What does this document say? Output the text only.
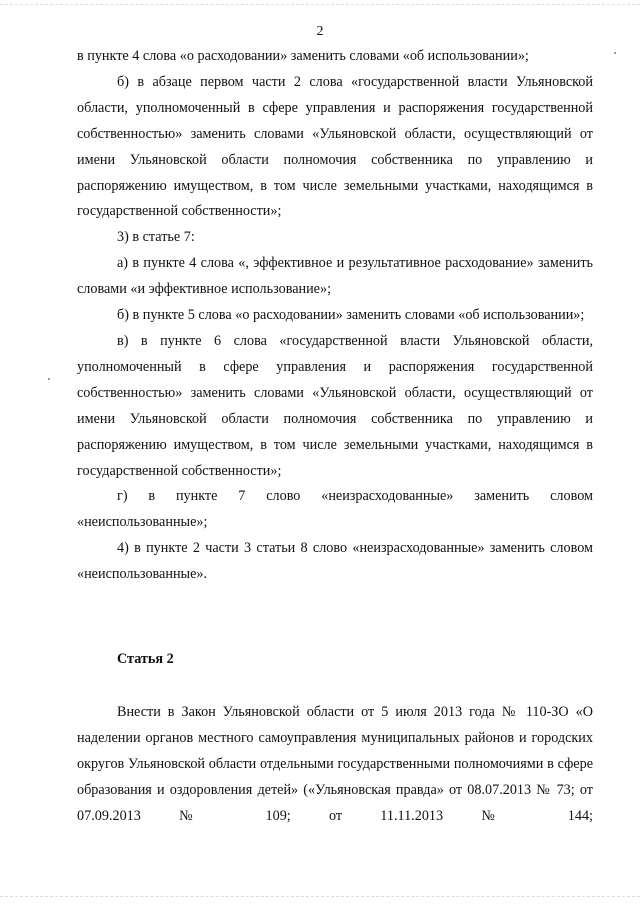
2

в пункте 4 слова «о расходовании» заменить словами «об использовании»;

б) в абзаце первом части 2 слова «государственной власти Ульяновской области, уполномоченный в сфере управления и распоряжения государственной собственностью» заменить словами «Ульяновской области, осуществляющий от имени Ульяновской области полномочия собственника по управлению и распоряжению имуществом, в том числе земельными участками, находящимся в государственной собственности»;

3) в статье 7:

а) в пункте 4 слова «, эффективное и результативное расходование» заменить словами «и эффективное использование»;

б) в пункте 5 слова «о расходовании» заменить словами «об использовании»;

в) в пункте 6 слова «государственной власти Ульяновской области, уполномоченный в сфере управления и распоряжения государственной собственностью» заменить словами «Ульяновской области, осуществляющий от имени Ульяновской области полномочия собственника по управлению и распоряжению имуществом, в том числе земельными участками, находящимся в государственной собственности»;

г) в пункте 7 слово «неизрасходованные» заменить словом «неиспользованные»;

4) в пункте 2 части 3 статьи 8 слово «неизрасходованные» заменить словом «неиспользованные».

Статья 2

Внести в Закон Ульяновской области от 5 июля 2013 года № 110-ЗО «О наделении органов местного самоуправления муниципальных районов и городских округов Ульяновской области отдельными государственными полномочиями в сфере образования и оздоровления детей» («Ульяновская правда» от 08.07.2013 № 73; от 07.09.2013 № 109; от 11.11.2013 № 144;
